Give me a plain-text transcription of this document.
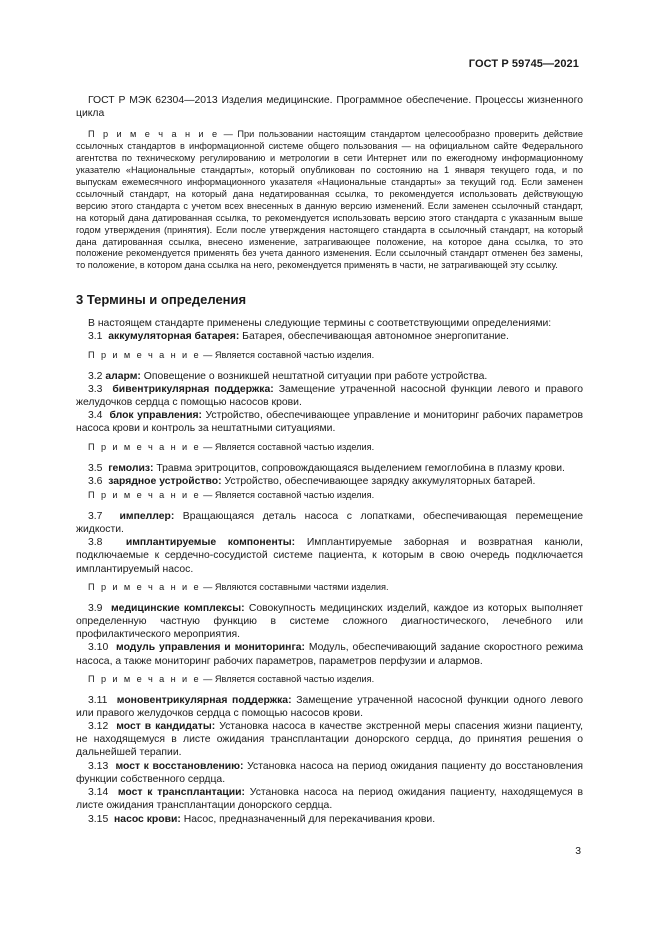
ГОСТ Р 59745—2021

ГОСТ Р МЭК 62304—2013 Изделия медицинские. Программное обеспечение. Процессы жизненного цикла

П р и м е ч а н и е — При пользовании настоящим стандартом целесообразно проверить действие ссылочных стандартов в информационной системе общего пользования — на официальном сайте Федерального агентства по техническому регулированию и метрологии в сети Интернет или по ежегодному информационному указателю «Национальные стандарты», который опубликован по состоянию на 1 января текущего года, и по выпускам ежемесячного информационного указателя «Национальные стандарты» за текущий год. Если заменен ссылочный стандарт, на который дана недатированная ссылка, то рекомендуется использовать действующую версию этого стандарта с учетом всех внесенных в данную версию изменений. Если заменен ссылочный стандарт, на который дана датированная ссылка, то рекомендуется использовать версию этого стандарта с указанным выше годом утверждения (принятия). Если после утверждения настоящего стандарта в ссылочный стандарт, на который дана датированная ссылка, внесено изменение, затрагивающее положение, на которое дана ссылка, то это положение рекомендуется применять без учета данного изменения. Если ссылочный стандарт отменен без замены, то положение, в котором дана ссылка на него, рекомендуется применять в части, не затрагивающей эту ссылку.

3 Термины и определения

В настоящем стандарте применены следующие термины с соответствующими определениями:

3.1 аккумуляторная батарея: Батарея, обеспечивающая автономное энергопитание.

П р и м е ч а н и е — Является составной частью изделия.

3.2 аларм: Оповещение о возникшей нештатной ситуации при работе устройства.

3.3 бивентрикулярная поддержка: Замещение утраченной насосной функции левого и правого желудочков сердца с помощью насосов крови.

3.4 блок управления: Устройство, обеспечивающее управление и мониторинг рабочих параметров насоса крови и контроль за нештатными ситуациями.

П р и м е ч а н и е — Является составной частью изделия.

3.5 гемолиз: Травма эритроцитов, сопровождающаяся выделением гемоглобина в плазму крови.

3.6 зарядное устройство: Устройство, обеспечивающее зарядку аккумуляторных батарей.

П р и м е ч а н и е — Является составной частью изделия.

3.7 импеллер: Вращающаяся деталь насоса с лопатками, обеспечивающая перемещение жидкости.

3.8 имплантируемые компоненты: Имплантируемые заборная и возвратная канюли, подключаемые к сердечно-сосудистой системе пациента, к которым в свою очередь подключается имплантируемый насос.

П р и м е ч а н и е — Являются составными частями изделия.

3.9 медицинские комплексы: Совокупность медицинских изделий, каждое из которых выполняет определенную частную функцию в системе сложного диагностического, лечебного или профилактического мероприятия.

3.10 модуль управления и мониторинга: Модуль, обеспечивающий задание скоростного режима насоса, а также мониторинг рабочих параметров, параметров перфузии и алармов.

П р и м е ч а н и е — Является составной частью изделия.

3.11 моновентрикулярная поддержка: Замещение утраченной насосной функции одного левого или правого желудочков сердца с помощью насосов крови.

3.12 мост в кандидаты: Установка насоса в качестве экстренной меры спасения жизни пациенту, не находящемуся в листе ожидания трансплантации донорского сердца, до принятия решения о дальнейшей терапии.

3.13 мост к восстановлению: Установка насоса на период ожидания пациенту до восстановления функции собственного сердца.

3.14 мост к трансплантации: Установка насоса на период ожидания пациенту, находящемуся в листе ожидания трансплантации донорского сердца.

3.15 насос крови: Насос, предназначенный для перекачивания крови.

3
